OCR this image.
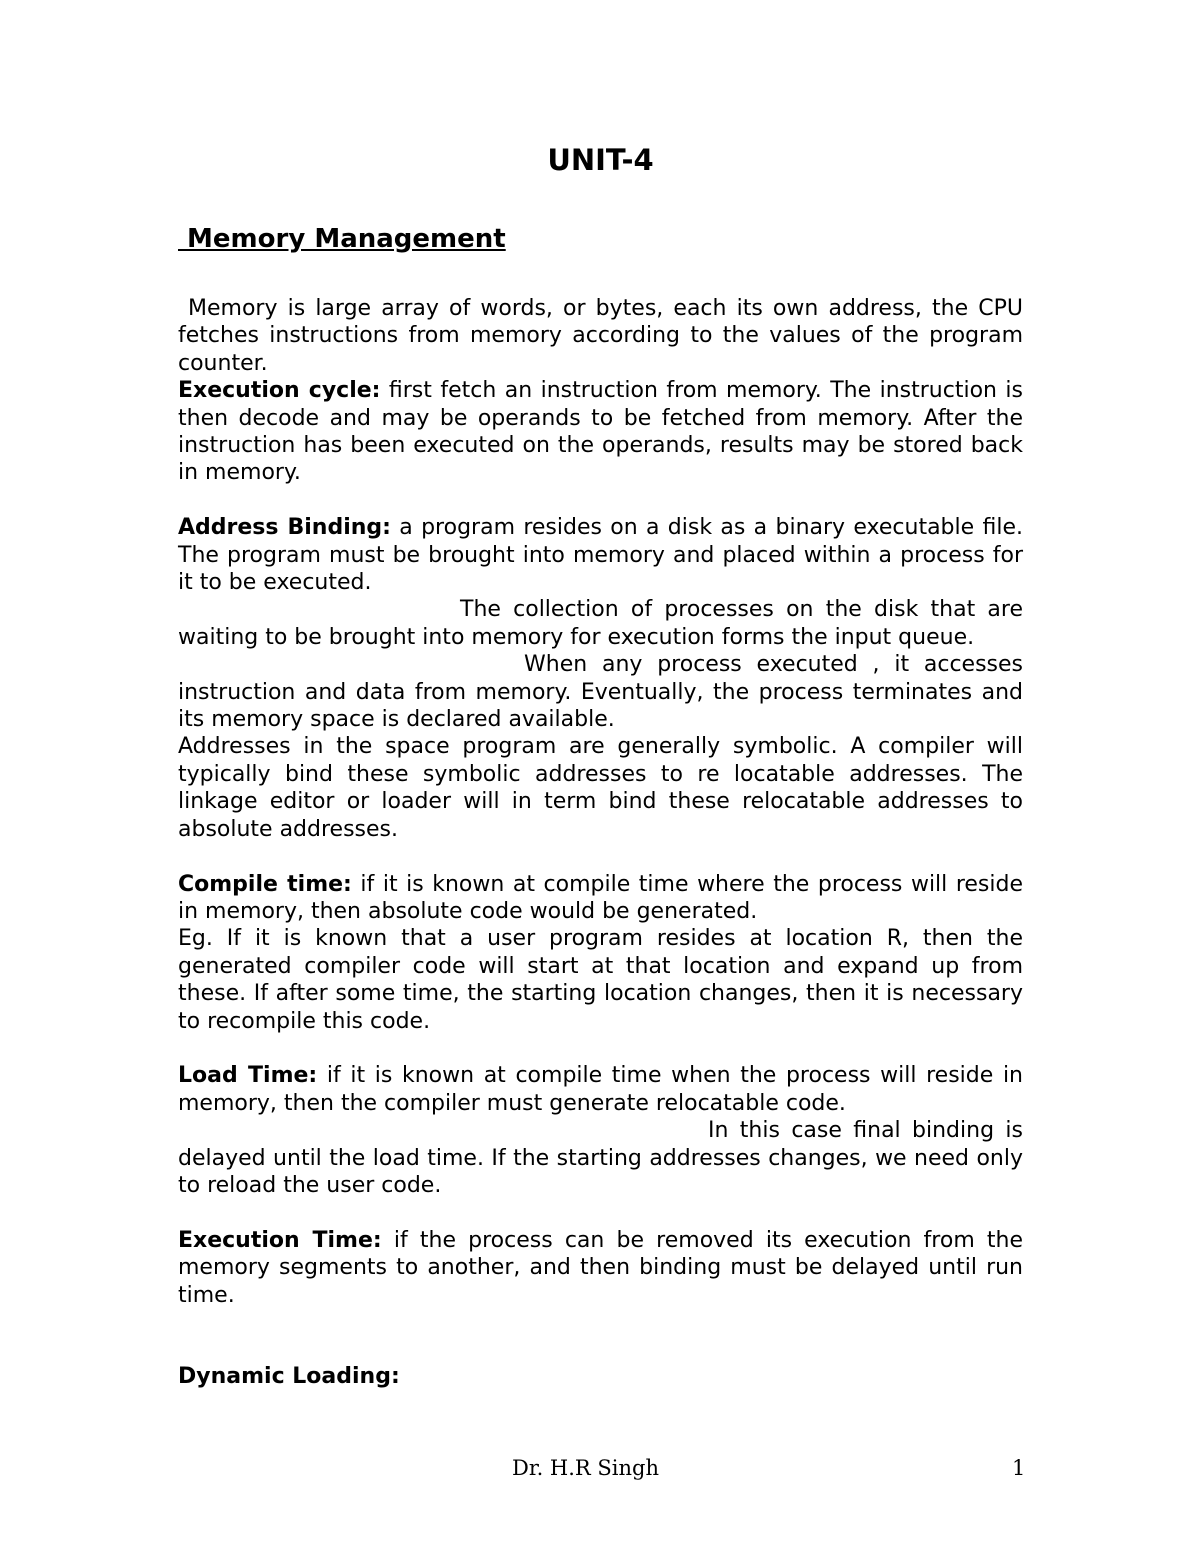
UNIT-4
Memory Management

Memory is large array of words, or bytes, each its own address, the CPU fetches instructions from memory according to the values of the program counter.

Execution cycle: first fetch an instruction from memory. The instruction is then decode and may be operands to be fetched from memory. After the instruction has been executed on the operands, results may be stored back in memory.

Address Binding: a program resides on a disk as a binary executable file. The program must be brought into memory and placed within a process for it to be executed.

The collection of processes on the disk that are waiting to be brought into memory for execution forms the input queue.

When any process executed , it accesses instruction and data from memory. Eventually, the process terminates and its memory space is declared available.

Addresses in the space program are generally symbolic. A compiler will typically bind these symbolic addresses to re locatable addresses. The linkage editor or loader will in term bind these relocatable addresses to absolute addresses.

Compile time: if it is known at compile time where the process will reside in memory, then absolute code would be generated.

Eg. If it is known that a user program resides at location R, then the generated compiler code will start at that location and expand up from these. If after some time, the starting location changes, then it is necessary to recompile this code.

Load Time: if it is known at compile time when the process will reside in memory, then the compiler must generate relocatable code.

In this case final binding is delayed until the load time. If the starting addresses changes, we need only to reload the user code.

Execution Time: if the process can be removed its execution from the memory segments to another, and then binding must be delayed until run time.

Dynamic Loading:

Dr. H.R Singh	1
